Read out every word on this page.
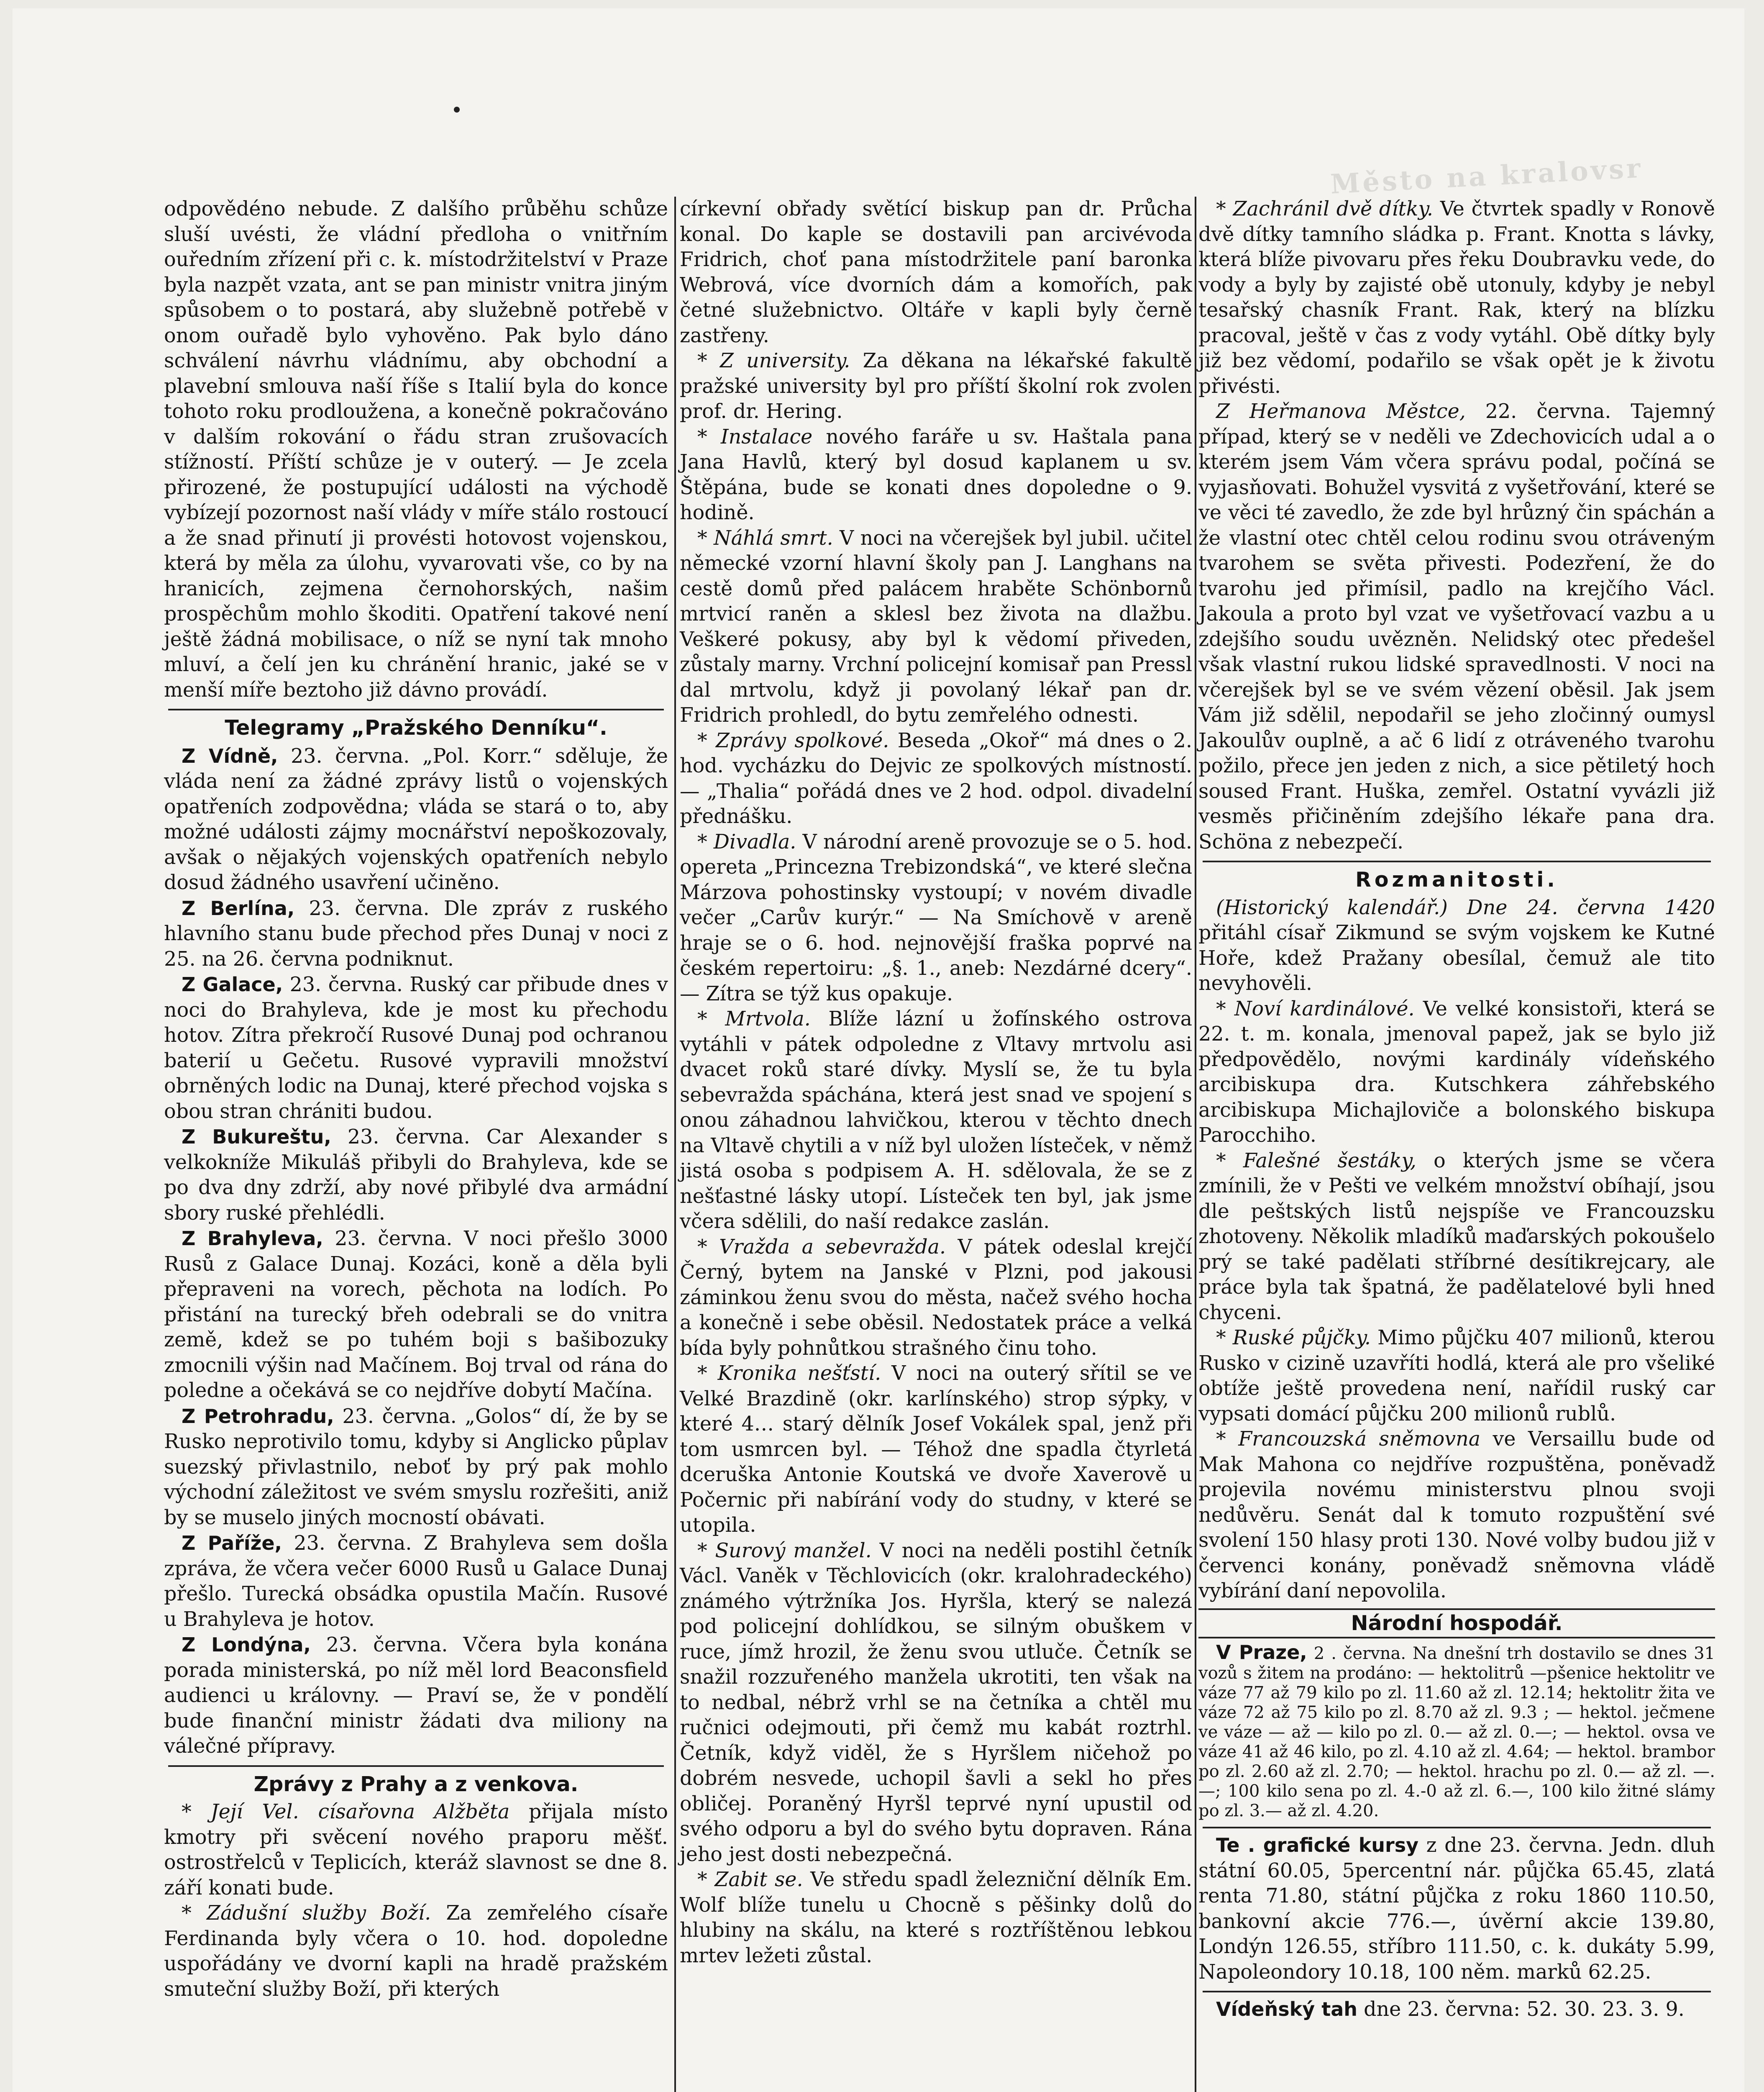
Město na kralovsr

odpovědéno nebude. Z dalšího průběhu schůze sluší uvésti, že vládní předloha o vnitřním ouředním zřízení při c. k. místodržitelství v Praze byla nazpět vzata, ant se pan ministr vnitra jiným spůsobem o to postará, aby služebně potřebě v onom ouřadě bylo vyhověno. Pak bylo dáno schválení návrhu vládnímu, aby obchodní a plavební smlouva naší říše s Italií byla do konce tohoto roku prodloužena, a konečně pokračováno v dalším rokování o řádu stran zrušovacích stížností. Příští schůze je v outerý. — Je zcela přirozené, že postupující události na východě vybízejí pozornost naší vlády v míře stálo rostoucí a že snad přinutí ji provésti hotovost vojenskou, která by měla za úlohu, vyvarovati vše, co by na hranicích, zejmena černohorských, našim prospěchům mohlo škoditi. Opatření takové není ještě žádná mobilisace, o níž se nyní tak mnoho mluví, a čelí jen ku chránění hranic, jaké se v menší míře beztoho již dávno provádí.

Telegramy „Pražského Denníku“.

Z Vídně, 23. června. „Pol. Korr.“ sděluje, že vláda není za žádné zprávy listů o vojenských opatřeních zodpovědna; vláda se stará o to, aby možné události zájmy mocnářství nepoškozovaly, avšak o nějakých vojenských opatřeních nebylo dosud žádného usavření učiněno.

Z Berlína, 23. června. Dle zpráv z ruského hlavního stanu bude přechod přes Dunaj v noci z 25. na 26. června podniknut.

Z Galace, 23. června. Ruský car přibude dnes v noci do Brahyleva, kde je most ku přechodu hotov. Zítra překročí Rusové Dunaj pod ochranou baterií u Gečetu. Rusové vypravili množství obrněných lodic na Dunaj, které přechod vojska s obou stran chrániti budou.

Z Bukureštu, 23. června. Car Alexander s velkokníže Mikuláš přibyli do Brahyleva, kde se po dva dny zdrží, aby nové přibylé dva armádní sbory ruské přehlédli.

Z Brahyleva, 23. června. V noci přešlo 3000 Rusů z Galace Dunaj. Kozáci, koně a děla byli přepraveni na vorech, pěchota na lodích. Po přistání na turecký břeh odebrali se do vnitra země, kdež se po tuhém boji s bašibozuky zmocnili výšin nad Mačínem. Boj trval od rána do poledne a očekává se co nejdříve dobytí Mačína.

Z Petrohradu, 23. června. „Golos“ dí, že by se Rusko neprotivilo tomu, kdyby si Anglicko půplav suezský přivlastnilo, neboť by prý pak mohlo východní záležitost ve svém smyslu rozřešiti, aniž by se muselo jiných mocností obávati.

Z Paříže, 23. června. Z Brahyleva sem došla zpráva, že včera večer 6000 Rusů u Galace Dunaj přešlo. Turecká obsádka opustila Mačín. Rusové u Brahyleva je hotov.

Z Londýna, 23. června. Včera byla konána porada ministerská, po níž měl lord Beaconsfield audienci u královny. — Praví se, že v pondělí bude finanční ministr žádati dva miliony na válečné přípravy.

Zprávy z Prahy a z venkova.

* Její Vel. císařovna Alžběta přijala místo kmotry při svěcení nového praporu měšť. ostrostřelců v Teplicích, kteráž slavnost se dne 8. září konati bude.

* Zádušní služby Boží. Za zemřelého císaře Ferdinanda byly včera o 10. hod. dopoledne uspořádány ve dvorní kapli na hradě pražském smuteční služby Boží, při kterých

církevní obřady světící biskup pan dr. Průcha konal. Do kaple se dostavili pan arcivévoda Fridrich, choť pana místodržitele paní baronka Webrová, více dvorních dám a komořích, pak četné služebnictvo. Oltáře v kapli byly černě zastřeny.

* Z university. Za děkana na lékařské fakultě pražské university byl pro příští školní rok zvolen prof. dr. Hering.

* Instalace nového faráře u sv. Haštala pana Jana Havlů, který byl dosud kaplanem u sv. Štěpána, bude se konati dnes dopoledne o 9. hodině.

* Náhlá smrt. V noci na včerejšek byl jubil. učitel německé vzorní hlavní školy pan J. Langhans na cestě domů před palácem hraběte Schönbornů mrtvicí raněn a sklesl bez života na dlažbu. Veškeré pokusy, aby byl k vědomí přiveden, zůstaly marny. Vrchní policejní komisař pan Pressl dal mrtvolu, když ji povolaný lékař pan dr. Fridrich prohledl, do bytu zemřelého odnesti.

* Zprávy spolkové. Beseda „Okoř“ má dnes o 2. hod. vycházku do Dejvic ze spolkových místností. — „Thalia“ pořádá dnes ve 2 hod. odpol. divadelní přednášku.

* Divadla. V národní areně provozuje se o 5. hod. opereta „Princezna Trebizondská“, ve které slečna Márzova pohostinsky vystoupí; v novém divadle večer „Carův kurýr.“ — Na Smíchově v areně hraje se o 6. hod. nejnovější fraška poprvé na českém repertoiru: „§. 1., aneb: Nezdárné dcery“. — Zítra se týž kus opakuje.

* Mrtvola. Blíže lázní u žofínského ostrova vytáhli v pátek odpoledne z Vltavy mrtvolu asi dvacet roků staré dívky. Myslí se, že tu byla sebevražda spáchána, která jest snad ve spojení s onou záhadnou lahvičkou, kterou v těchto dnech na Vltavě chytili a v níž byl uložen lísteček, v němž jistá osoba s podpisem A. H. sdělovala, že se z nešťastné lásky utopí. Lísteček ten byl, jak jsme včera sdělili, do naší redakce zaslán.

* Vražda a sebevražda. V pátek odeslal krejčí Černý, bytem na Janské v Plzni, pod jakousi záminkou ženu svou do města, načež svého hocha a konečně i sebe oběsil. Nedostatek práce a velká bída byly pohnůtkou strašného činu toho.

* Kronika nešťstí. V noci na outerý sřítil se ve Velké Brazdině (okr. karlínského) strop sýpky, v které 4… starý dělník Josef Vokálek spal, jenž při tom usmrcen byl. — Téhož dne spadla čtyrletá dceruška Antonie Koutská ve dvoře Xaverově u Počernic při nabírání vody do studny, v které se utopila.

* Surový manžel. V noci na neděli postihl četník Václ. Vaněk v Těchlovicích (okr. kralohradeckého) známého výtržníka Jos. Hyršla, který se nalezá pod policejní dohlídkou, se silným obuškem v ruce, jímž hrozil, že ženu svou utluče. Četník se snažil rozzuřeného manžela ukrotiti, ten však na to nedbal, nébrž vrhl se na četníka a chtěl mu ručnici odejmouti, při čemž mu kabát roztrhl. Četník, když viděl, že s Hyršlem ničehož po dobrém nesvede, uchopil šavli a sekl ho přes obličej. Poraněný Hyršl teprvé nyní upustil od svého odporu a byl do svého bytu dopraven. Rána jeho jest dosti nebezpečná.

* Zabit se. Ve středu spadl železniční dělník Em. Wolf blíže tunelu u Chocně s pěšinky dolů do hlubiny na skálu, na které s roztříštěnou lebkou mrtev ležeti zůstal.

* Zachránil dvě dítky. Ve čtvrtek spadly v Ronově dvě dítky tamního sládka p. Frant. Knotta s lávky, která blíže pivovaru přes řeku Doubravku vede, do vody a byly by zajisté obě utonuly, kdyby je nebyl tesařský chasník Frant. Rak, který na blízku pracoval, ještě v čas z vody vytáhl. Obě dítky byly již bez vědomí, podařilo se však opět je k životu přivésti.

Z Heřmanova Městce, 22. června. Tajemný případ, který se v neděli ve Zdechovicích udal a o kterém jsem Vám včera správu podal, počíná se vyjasňovati. Bohužel vysvitá z vyšetřování, které se ve věci té zavedlo, že zde byl hrůzný čin spáchán a že vlastní otec chtěl celou rodinu svou otráveným tvarohem se světa přivesti. Podezření, že do tvarohu jed přimísil, padlo na krejčího Václ. Jakoula a proto byl vzat ve vyšetřovací vazbu a u zdejšího soudu uvězněn. Nelidský otec předešel však vlastní rukou lidské spravedlnosti. V noci na včerejšek byl se ve svém vězení oběsil. Jak jsem Vám již sdělil, nepodařil se jeho zločinný oumysl Jakoulův ouplně, a ač 6 lidí z otráveného tvarohu požilo, přece jen jeden z nich, a sice pětiletý hoch soused Frant. Huška, zemřel. Ostatní vyvázli již vesměs přičiněním zdejšího lékaře pana dra. Schöna z nebezpečí.

Rozmanitosti.

(Historický kalendář.) Dne 24. června 1420 přitáhl císař Zikmund se svým vojskem ke Kutné Hoře, kdež Pražany obesílal, čemuž ale tito nevyhověli.

* Noví kardinálové. Ve velké konsistoři, která se 22. t. m. konala, jmenoval papež, jak se bylo již předpovědělo, novými kardinály vídeňského arcibiskupa dra. Kutschkera záhřebského arcibiskupa Michajloviče a bolonského biskupa Parocchiho.

* Falešné šestáky, o kterých jsme se včera zmínili, že v Pešti ve velkém množství obíhají, jsou dle peštských listů nejspíše ve Francouzsku zhotoveny. Několik mladíků maďarských pokoušelo prý se také padělati stříbrné desítikrejcary, ale práce byla tak špatná, že padělatelové byli hned chyceni.

* Ruské půjčky. Mimo půjčku 407 milionů, kterou Rusko v cizině uzavříti hodlá, která ale pro všeliké obtíže ještě provedena není, nařídil ruský car vypsati domácí půjčku 200 milionů rublů.

* Francouzská sněmovna ve Versaillu bude od Mak Mahona co nejdříve rozpuštěna, poněvadž projevila novému ministerstvu plnou svoji nedůvěru. Senát dal k tomuto rozpuštění své svolení 150 hlasy proti 130. Nové volby budou již v červenci konány, poněvadž sněmovna vládě vybírání daní nepovolila.

Národní hospodář.

V Praze, 2 . června. Na dnešní trh dostavilo se dnes 31 vozů s žitem na prodáno: — hektolitrů —pšenice hektolitr ve váze 77 až 79 kilo po zl. 11.60 až zl. 12.14; hektolitr žita ve váze 72 až 75 kilo po zl. 8.70 až zl. 9.3 ; — hektol. ječmene ve váze — až — kilo po zl. 0.— až zl. 0.—; — hektol. ovsa ve váze 41 až 46 kilo, po zl. 4.10 až zl. 4.64; — hektol. brambor po zl. 2.60 až zl. 2.70; — hektol. hrachu po zl. 0.— až zl. —.—; 100 kilo sena po zl. 4.-0 až zl. 6.—, 100 kilo žitné slámy po zl. 3.— až zl. 4.20.

Te . grafické kursy z dne 23. června. Jedn. dluh státní 60.05, 5percentní nár. půjčka 65.45, zlatá renta 71.80, státní půjčka z roku 1860 110.50, bankovní akcie 776.—, úvěrní akcie 139.80, Londýn 126.55, stříbro 111.50, c. k. dukáty 5.99, Napoleondory 10.18, 100 něm. marků 62.25.

Vídeňský tah dne 23. června: 52. 30. 23. 3. 9.
